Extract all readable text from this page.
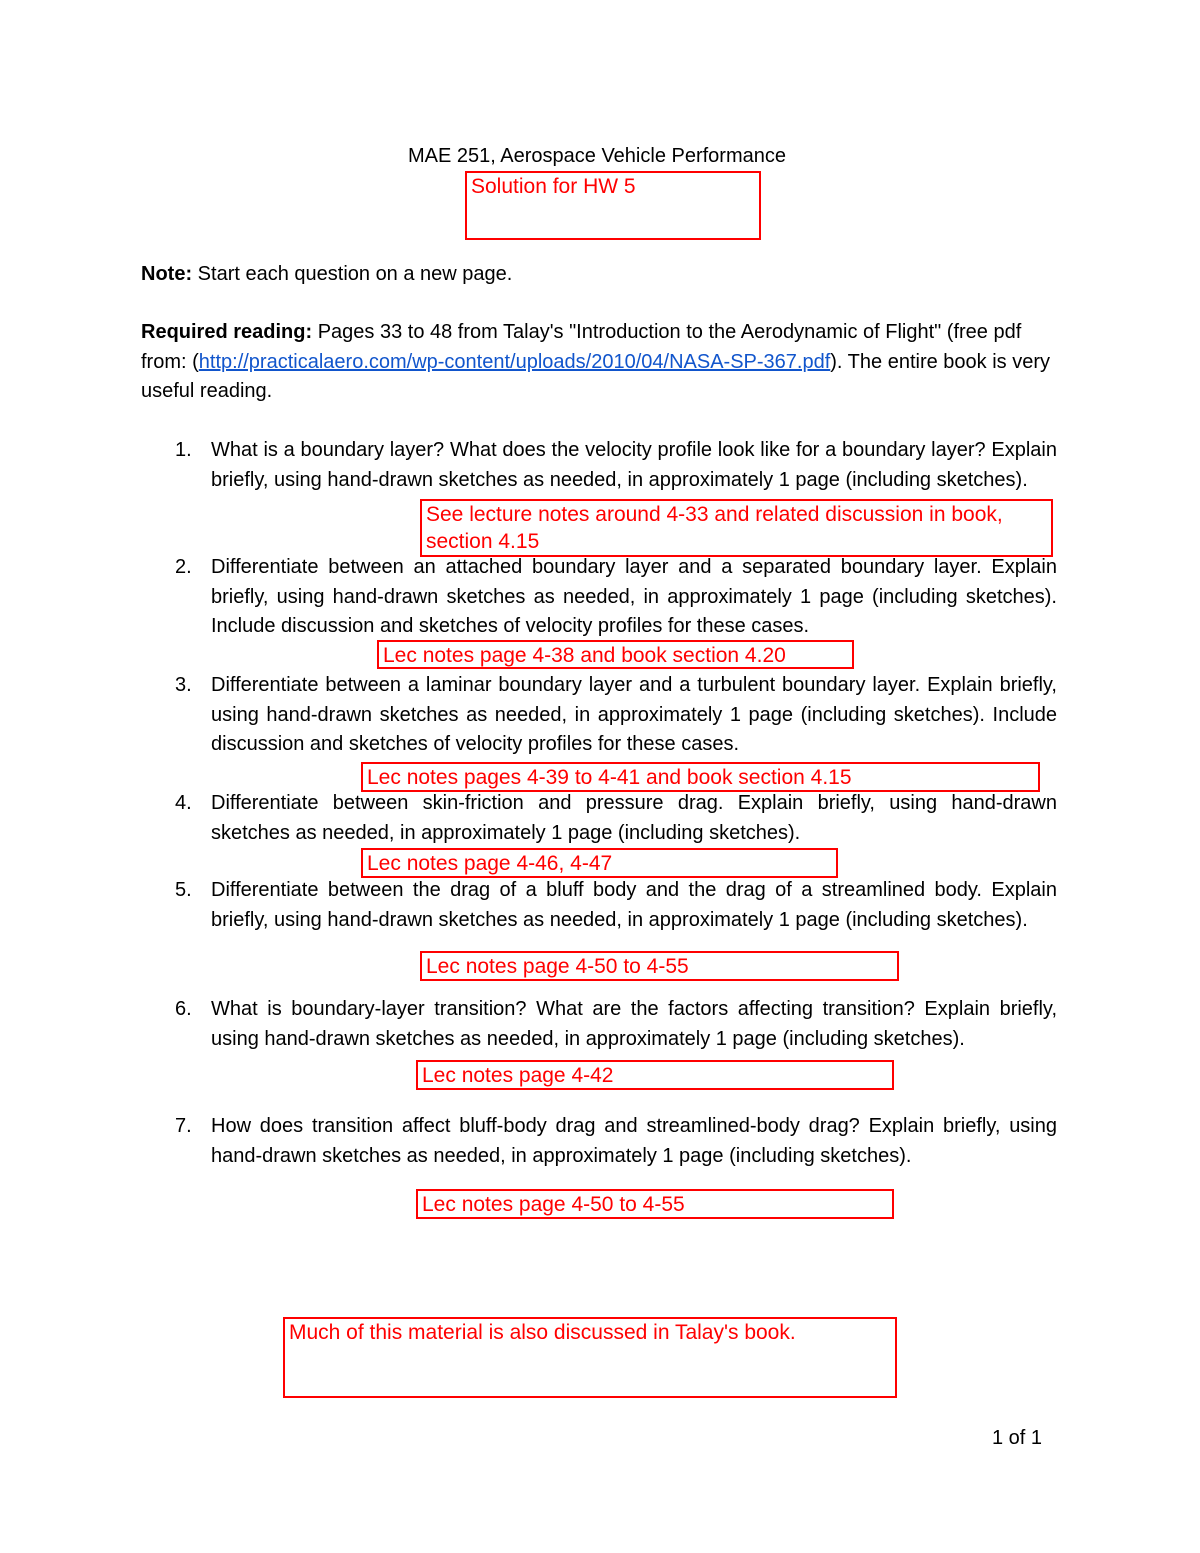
MAE 251, Aerospace Vehicle Performance
Solution for HW 5

Note: Start each question on a new page.

Required reading: Pages 33 to 48 from Talay's "Introduction to the Aerodynamic of Flight" (free pdf from: (http://practicalaero.com/wp-content/uploads/2010/04/NASA-SP-367.pdf). The entire book is very useful reading.

1. What is a boundary layer? What does the velocity profile look like for a boundary layer? Explain briefly, using hand-drawn sketches as needed, in approximately 1 page (including sketches).

See lecture notes around 4-33 and related discussion in book, section 4.15
2. Differentiate between an attached boundary layer and a separated boundary layer. Explain briefly, using hand-drawn sketches as needed, in approximately 1 page (including sketches). Include discussion and sketches of velocity profiles for these cases.

Lec notes page 4-38 and book section 4.20
3. Differentiate between a laminar boundary layer and a turbulent boundary layer. Explain briefly, using hand-drawn sketches as needed, in approximately 1 page (including sketches). Include discussion and sketches of velocity profiles for these cases.

Lec notes pages 4-39 to 4-41 and book section 4.15
4. Differentiate between skin-friction and pressure drag. Explain briefly, using hand-drawn sketches as needed, in approximately 1 page (including sketches).

Lec notes page 4-46, 4-47
5. Differentiate between the drag of a bluff body and the drag of a streamlined body. Explain briefly, using hand-drawn sketches as needed, in approximately 1 page (including sketches).

Lec notes page 4-50 to 4-55
6. What is boundary-layer transition? What are the factors affecting transition? Explain briefly, using hand-drawn sketches as needed, in approximately 1 page (including sketches).

Lec notes page 4-42
7. How does transition affect bluff-body drag and streamlined-body drag? Explain briefly, using hand-drawn sketches as needed, in approximately 1 page (including sketches).

Lec notes page 4-50 to 4-55
Much of this material is also discussed in Talay's book.
1 of 1
